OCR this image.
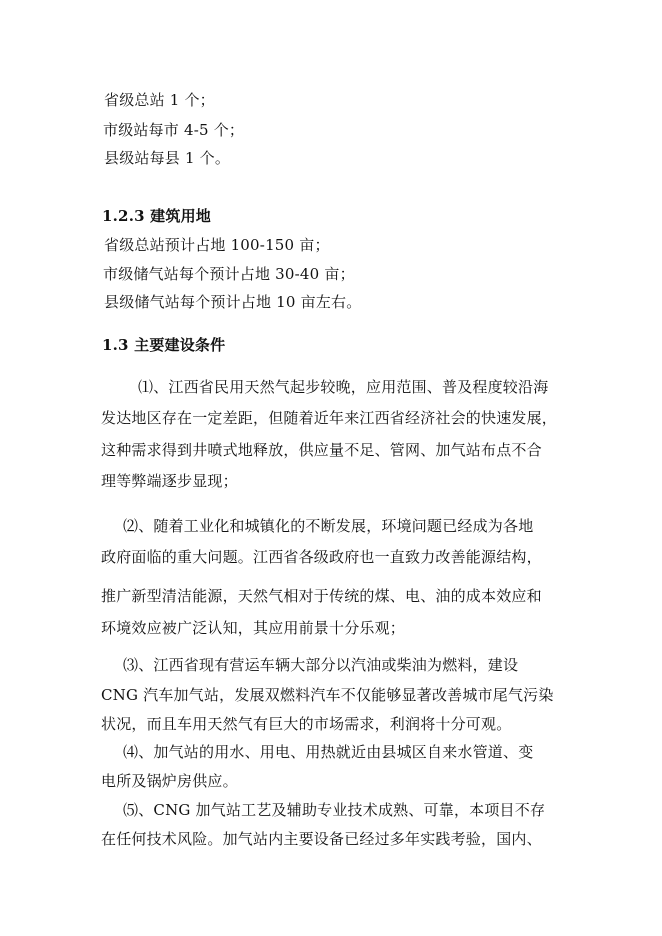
省级总站 1 个；
市级站每市 4-5 个；
县级站每县 1 个。
1.2.3 建筑用地
省级总站预计占地 100-150 亩；
市级储气站每个预计占地 30-40 亩；
县级储气站每个预计占地 10 亩左右。
1.3 主要建设条件
⑴、江西省民用天然气起步较晚，应用范围、普及程度较沿海
发达地区存在一定差距，但随着近年来江西省经济社会的快速发展，
这种需求得到井喷式地释放，供应量不足、管网、加气站布点不合
理等弊端逐步显现；
⑵、随着工业化和城镇化的不断发展，环境问题已经成为各地
政府面临的重大问题。江西省各级政府也一直致力改善能源结构，
推广新型清洁能源，天然气相对于传统的煤、电、油的成本效应和
环境效应被广泛认知，其应用前景十分乐观；
⑶、江西省现有营运车辆大部分以汽油或柴油为燃料，建设
CNG 汽车加气站，发展双燃料汽车不仅能够显著改善城市尾气污染
状况，而且车用天然气有巨大的市场需求，利润将十分可观。
⑷、加气站的用水、用电、用热就近由县城区自来水管道、变
电所及锅炉房供应。
⑸、CNG 加气站工艺及辅助专业技术成熟、可靠，本项目不存
在任何技术风险。加气站内主要设备已经过多年实践考验，国内、
